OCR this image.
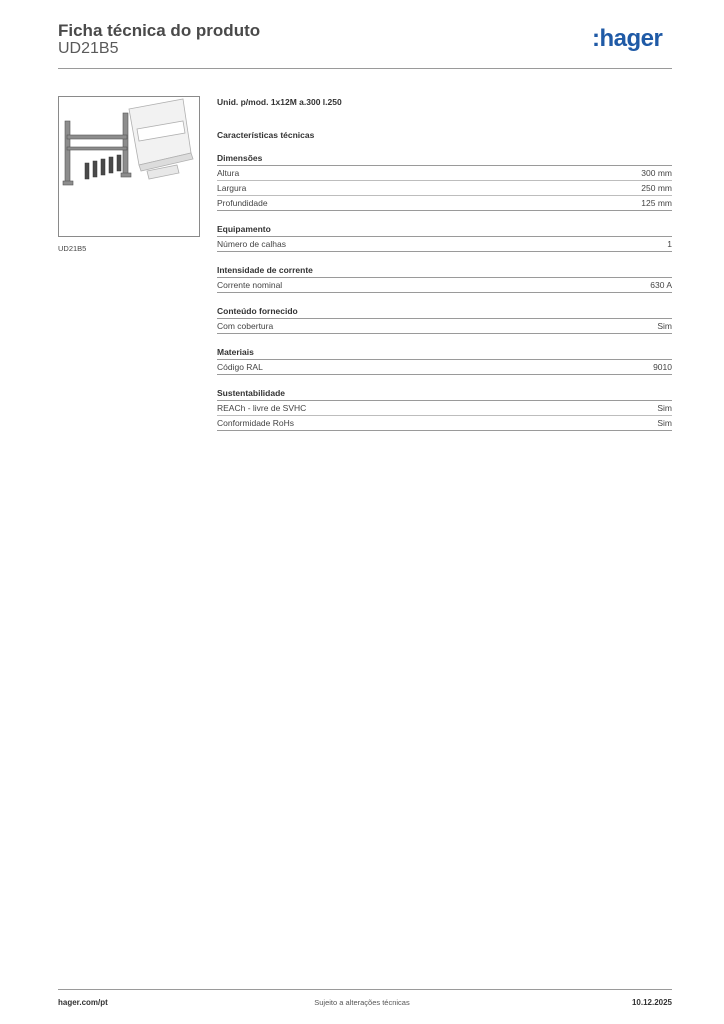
Ficha técnica do produto
UD21B5	:hager
UD21B5
Unid. p/mod. 1x12M a.300 l.250
Características técnicas
Dimensões
Altura	300 mm
Largura	250 mm
Profundidade	125 mm
Equipamento
Número de calhas	1
Intensidade de corrente
Corrente nominal	630 A
Conteúdo fornecido
Com cobertura	Sim
Materiais
Código RAL	9010
Sustentabilidade
REACh - livre de SVHC	Sim
Conformidade RoHs	Sim
hager.com/pt	Sujeito a alterações técnicas	10.12.2025
